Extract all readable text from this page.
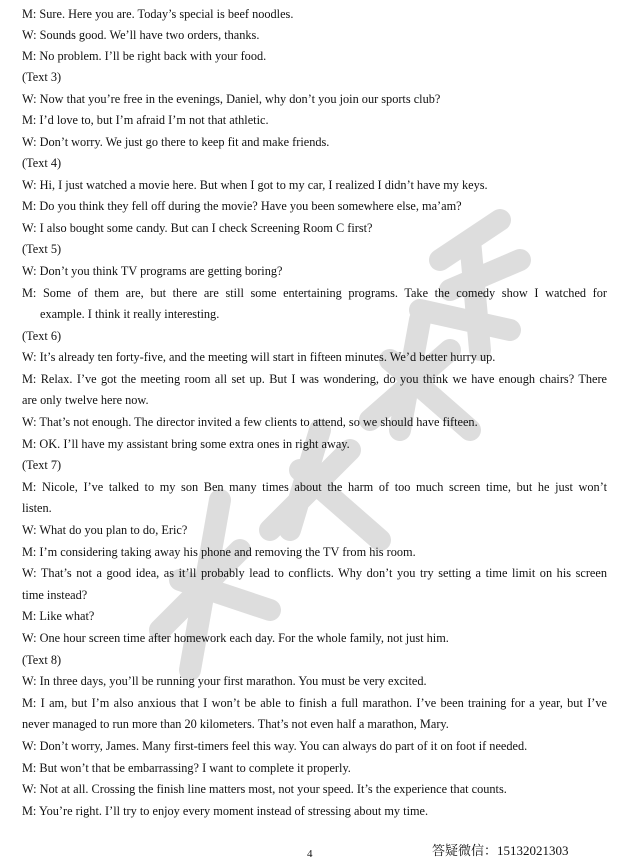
M: Sure. Here you are. Today’s special is beef noodles.
W: Sounds good. We’ll have two orders, thanks.
M: No problem. I’ll be right back with your food.
(Text 3)
W: Now that you’re free in the evenings, Daniel, why don’t you join our sports club?
M: I’d love to, but I’m afraid I’m not that athletic.
W: Don’t worry. We just go there to keep fit and make friends.
(Text 4)
W: Hi, I just watched a movie here. But when I got to my car, I realized I didn’t have my keys.
M: Do you think they fell off during the movie? Have you been somewhere else, ma’am?
W: I also bought some candy. But can I check Screening Room C first?
(Text 5)
W: Don’t you think TV programs are getting boring?
M: Some of them are, but there are still some entertaining programs. Take the comedy show I watched for
example. I think it really interesting.
(Text 6)
W: It’s already ten forty-five, and the meeting will start in fifteen minutes. We’d better hurry up.
M: Relax. I’ve got the meeting room all set up. But I was wondering, do you think we have enough chairs? There
are only twelve here now.
W: That’s not enough. The director invited a few clients to attend, so we should have fifteen.
M: OK. I’ll have my assistant bring some extra ones in right away.
(Text 7)
M: Nicole, I’ve talked to my son Ben many times about the harm of too much screen time, but he just won’t
listen.
W: What do you plan to do, Eric?
M: I’m considering taking away his phone and removing the TV from his room.
W: That’s not a good idea, as it’ll probably lead to conflicts. Why don’t you try setting a time limit on his screen
time instead?
M: Like what?
W: One hour screen time after homework each day. For the whole family, not just him.
(Text 8)
W: In three days, you’ll be running your first marathon. You must be very excited.
M: I am, but I’m also anxious that I won’t be able to finish a full marathon. I’ve been training for a year, but I’ve
never managed to run more than 20 kilometers. That’s not even half a marathon, Mary.
W: Don’t worry, James. Many first-timers feel this way. You can always do part of it on foot if needed.
M: But won’t that be embarrassing? I want to complete it properly.
W: Not at all. Crossing the finish line matters most, not your speed. It’s the experience that counts.
M: You’re right. I’ll try to enjoy every moment instead of stressing about my time.
答疑微信：15132021303
4
